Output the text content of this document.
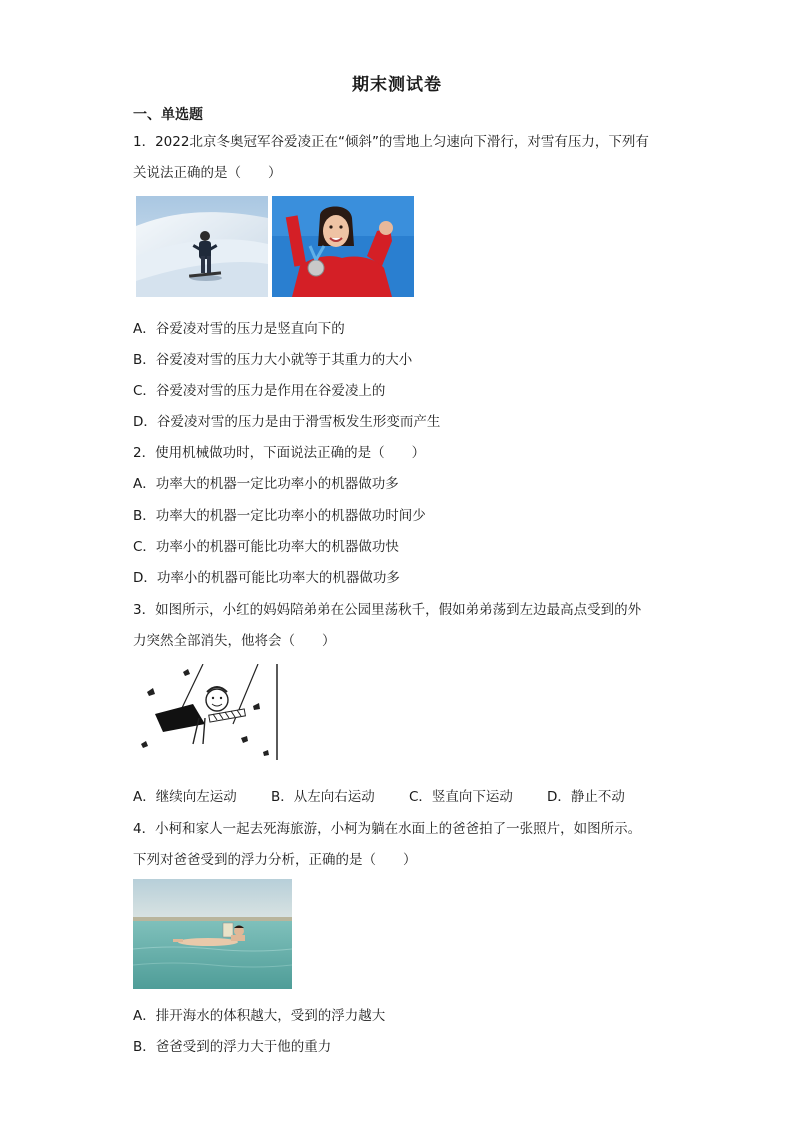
期末测试卷
一、单选题
1．2022北京冬奥冠军谷爱凌正在“倾斜”的雪地上匀速向下滑行，对雪有压力，下列有
关说法正确的是（　　）
A．谷爱凌对雪的压力是竖直向下的
B．谷爱凌对雪的压力大小就等于其重力的大小
C．谷爱凌对雪的压力是作用在谷爱凌上的
D．谷爱凌对雪的压力是由于滑雪板发生形变而产生
2．使用机械做功时，下面说法正确的是（　　）
A．功率大的机器一定比功率小的机器做功多
B．功率大的机器一定比功率小的机器做功时间少
C．功率小的机器可能比功率大的机器做功快
D．功率小的机器可能比功率大的机器做功多
3．如图所示，小红的妈妈陪弟弟在公园里荡秋千，假如弟弟荡到左边最高点受到的外
力突然全部消失，他将会（　　）
A．继续向左运动	B．从左向右运动	C．竖直向下运动	D．静止不动
4．小柯和家人一起去死海旅游，小柯为躺在水面上的爸爸拍了一张照片，如图所示。
下列对爸爸受到的浮力分析，正确的是（　　）
A．排开海水的体积越大，受到的浮力越大
B．爸爸受到的浮力大于他的重力
